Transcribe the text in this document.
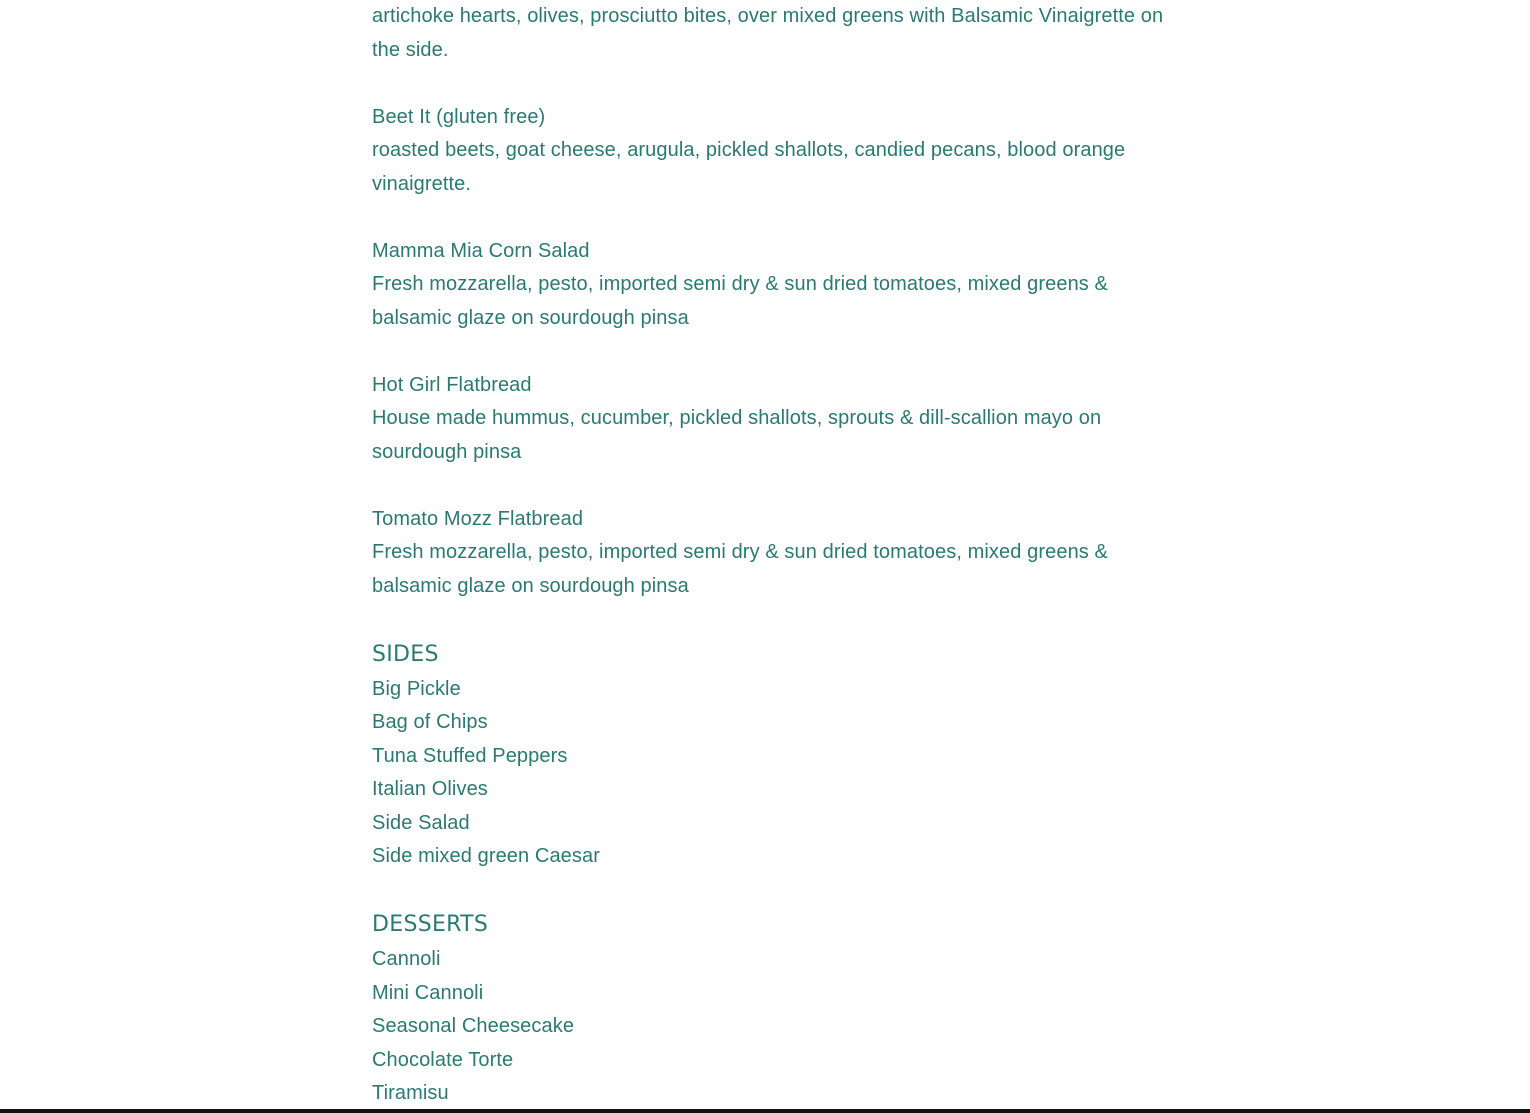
artichoke hearts, olives, prosciutto bites, over mixed greens with Balsamic Vinaigrette on the side.

Beet It (gluten free)

roasted beets, goat cheese, arugula, pickled shallots, candied pecans, blood orange vinaigrette.

Mamma Mia Corn Salad

Fresh mozzarella, pesto, imported semi dry & sun dried tomatoes, mixed greens & balsamic glaze on sourdough pinsa

Hot Girl Flatbread

House made hummus, cucumber, pickled shallots, sprouts & dill-scallion mayo on sourdough pinsa

Tomato Mozz Flatbread

Fresh mozzarella, pesto, imported semi dry & sun dried tomatoes, mixed greens & balsamic glaze on sourdough pinsa

SIDES

Big Pickle

Bag of Chips

Tuna Stuffed Peppers

Italian Olives

Side Salad

Side mixed green Caesar

DESSERTS

Cannoli

Mini Cannoli

Seasonal Cheesecake

Chocolate Torte

Tiramisu
